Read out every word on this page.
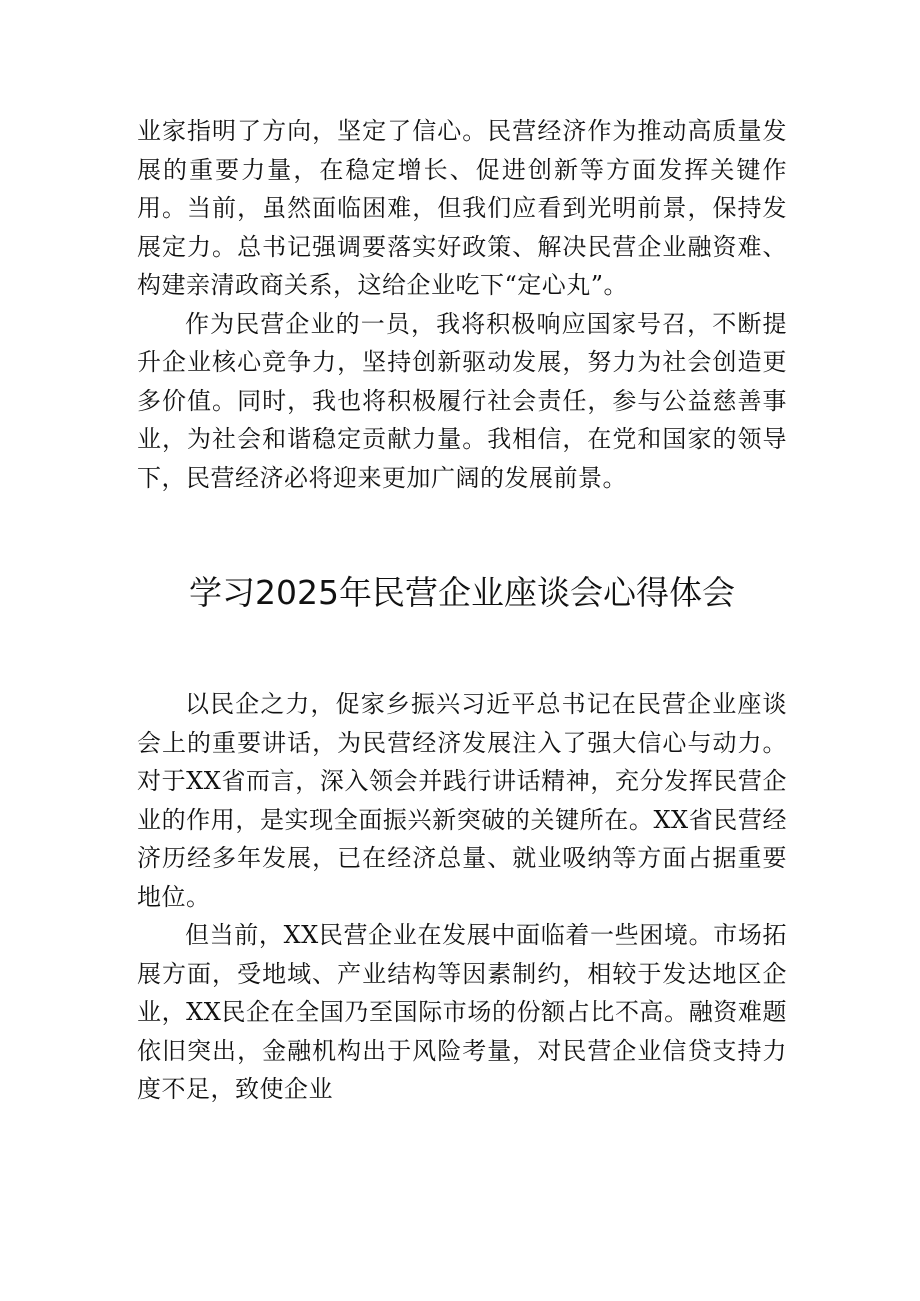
业家指明了方向，坚定了信心。民营经济作为推动高质量发展的重要力量，在稳定增长、促进创新等方面发挥关键作用。当前，虽然面临困难，但我们应看到光明前景，保持发展定力。总书记强调要落实好政策、解决民营企业融资难、构建亲清政商关系，这给企业吃下“定心丸”。

作为民营企业的一员，我将积极响应国家号召，不断提升企业核心竞争力，坚持创新驱动发展，努力为社会创造更多价值。同时，我也将积极履行社会责任，参与公益慈善事业，为社会和谐稳定贡献力量。我相信，在党和国家的领导下，民营经济必将迎来更加广阔的发展前景。

学习2025年民营企业座谈会心得体会

以民企之力，促家乡振兴习近平总书记在民营企业座谈会上的重要讲话，为民营经济发展注入了强大信心与动力。对于XX省而言，深入领会并践行讲话精神，充分发挥民营企业的作用，是实现全面振兴新突破的关键所在。XX省民营经济历经多年发展，已在经济总量、就业吸纳等方面占据重要地位。

但当前，XX民营企业在发展中面临着一些困境。市场拓展方面，受地域、产业结构等因素制约，相较于发达地区企业，XX民企在全国乃至国际市场的份额占比不高。融资难题依旧突出，金融机构出于风险考量，对民营企业信贷支持力度不足，致使企业
